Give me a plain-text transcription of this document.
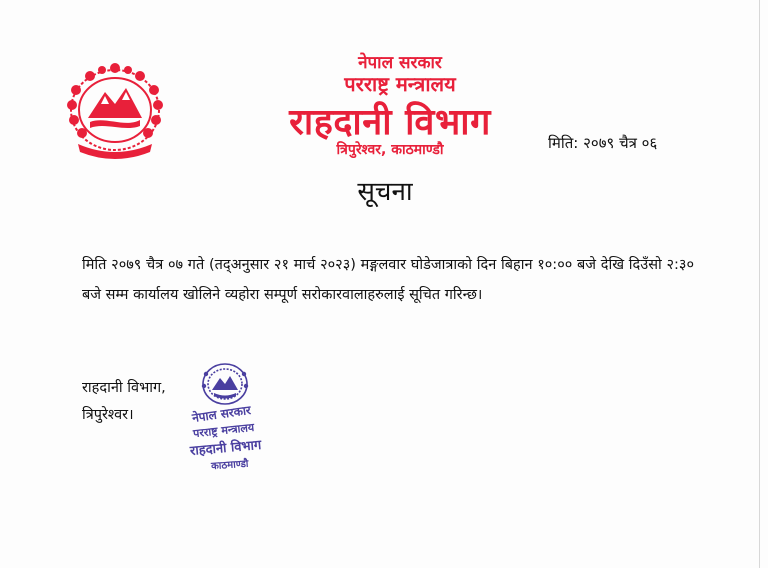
नेपाल सरकार
परराष्ट्र मन्त्रालय
राहदानी विभाग
त्रिपुरेश्वर, काठमाण्डौ	मिति: २०७९ चैत्र ०६
सूचना
मिति २०७९ चैत्र ०७ गते (तद्अनुसार २१ मार्च २०२३) मङ्गलवार घोडेजात्राको दिन बिहान १०:०० बजे देखि दिउँसो २:३० बजे सम्म कार्यालय खोलिने व्यहोरा सम्पूर्ण सरोकारवालाहरुलाई सूचित गरिन्छ।
राहदानी विभाग,
त्रिपुरेश्वर।	नेपाल सरकार
परराष्ट्र मन्त्रालय
राहदानी विभाग
काठमाण्डौ
